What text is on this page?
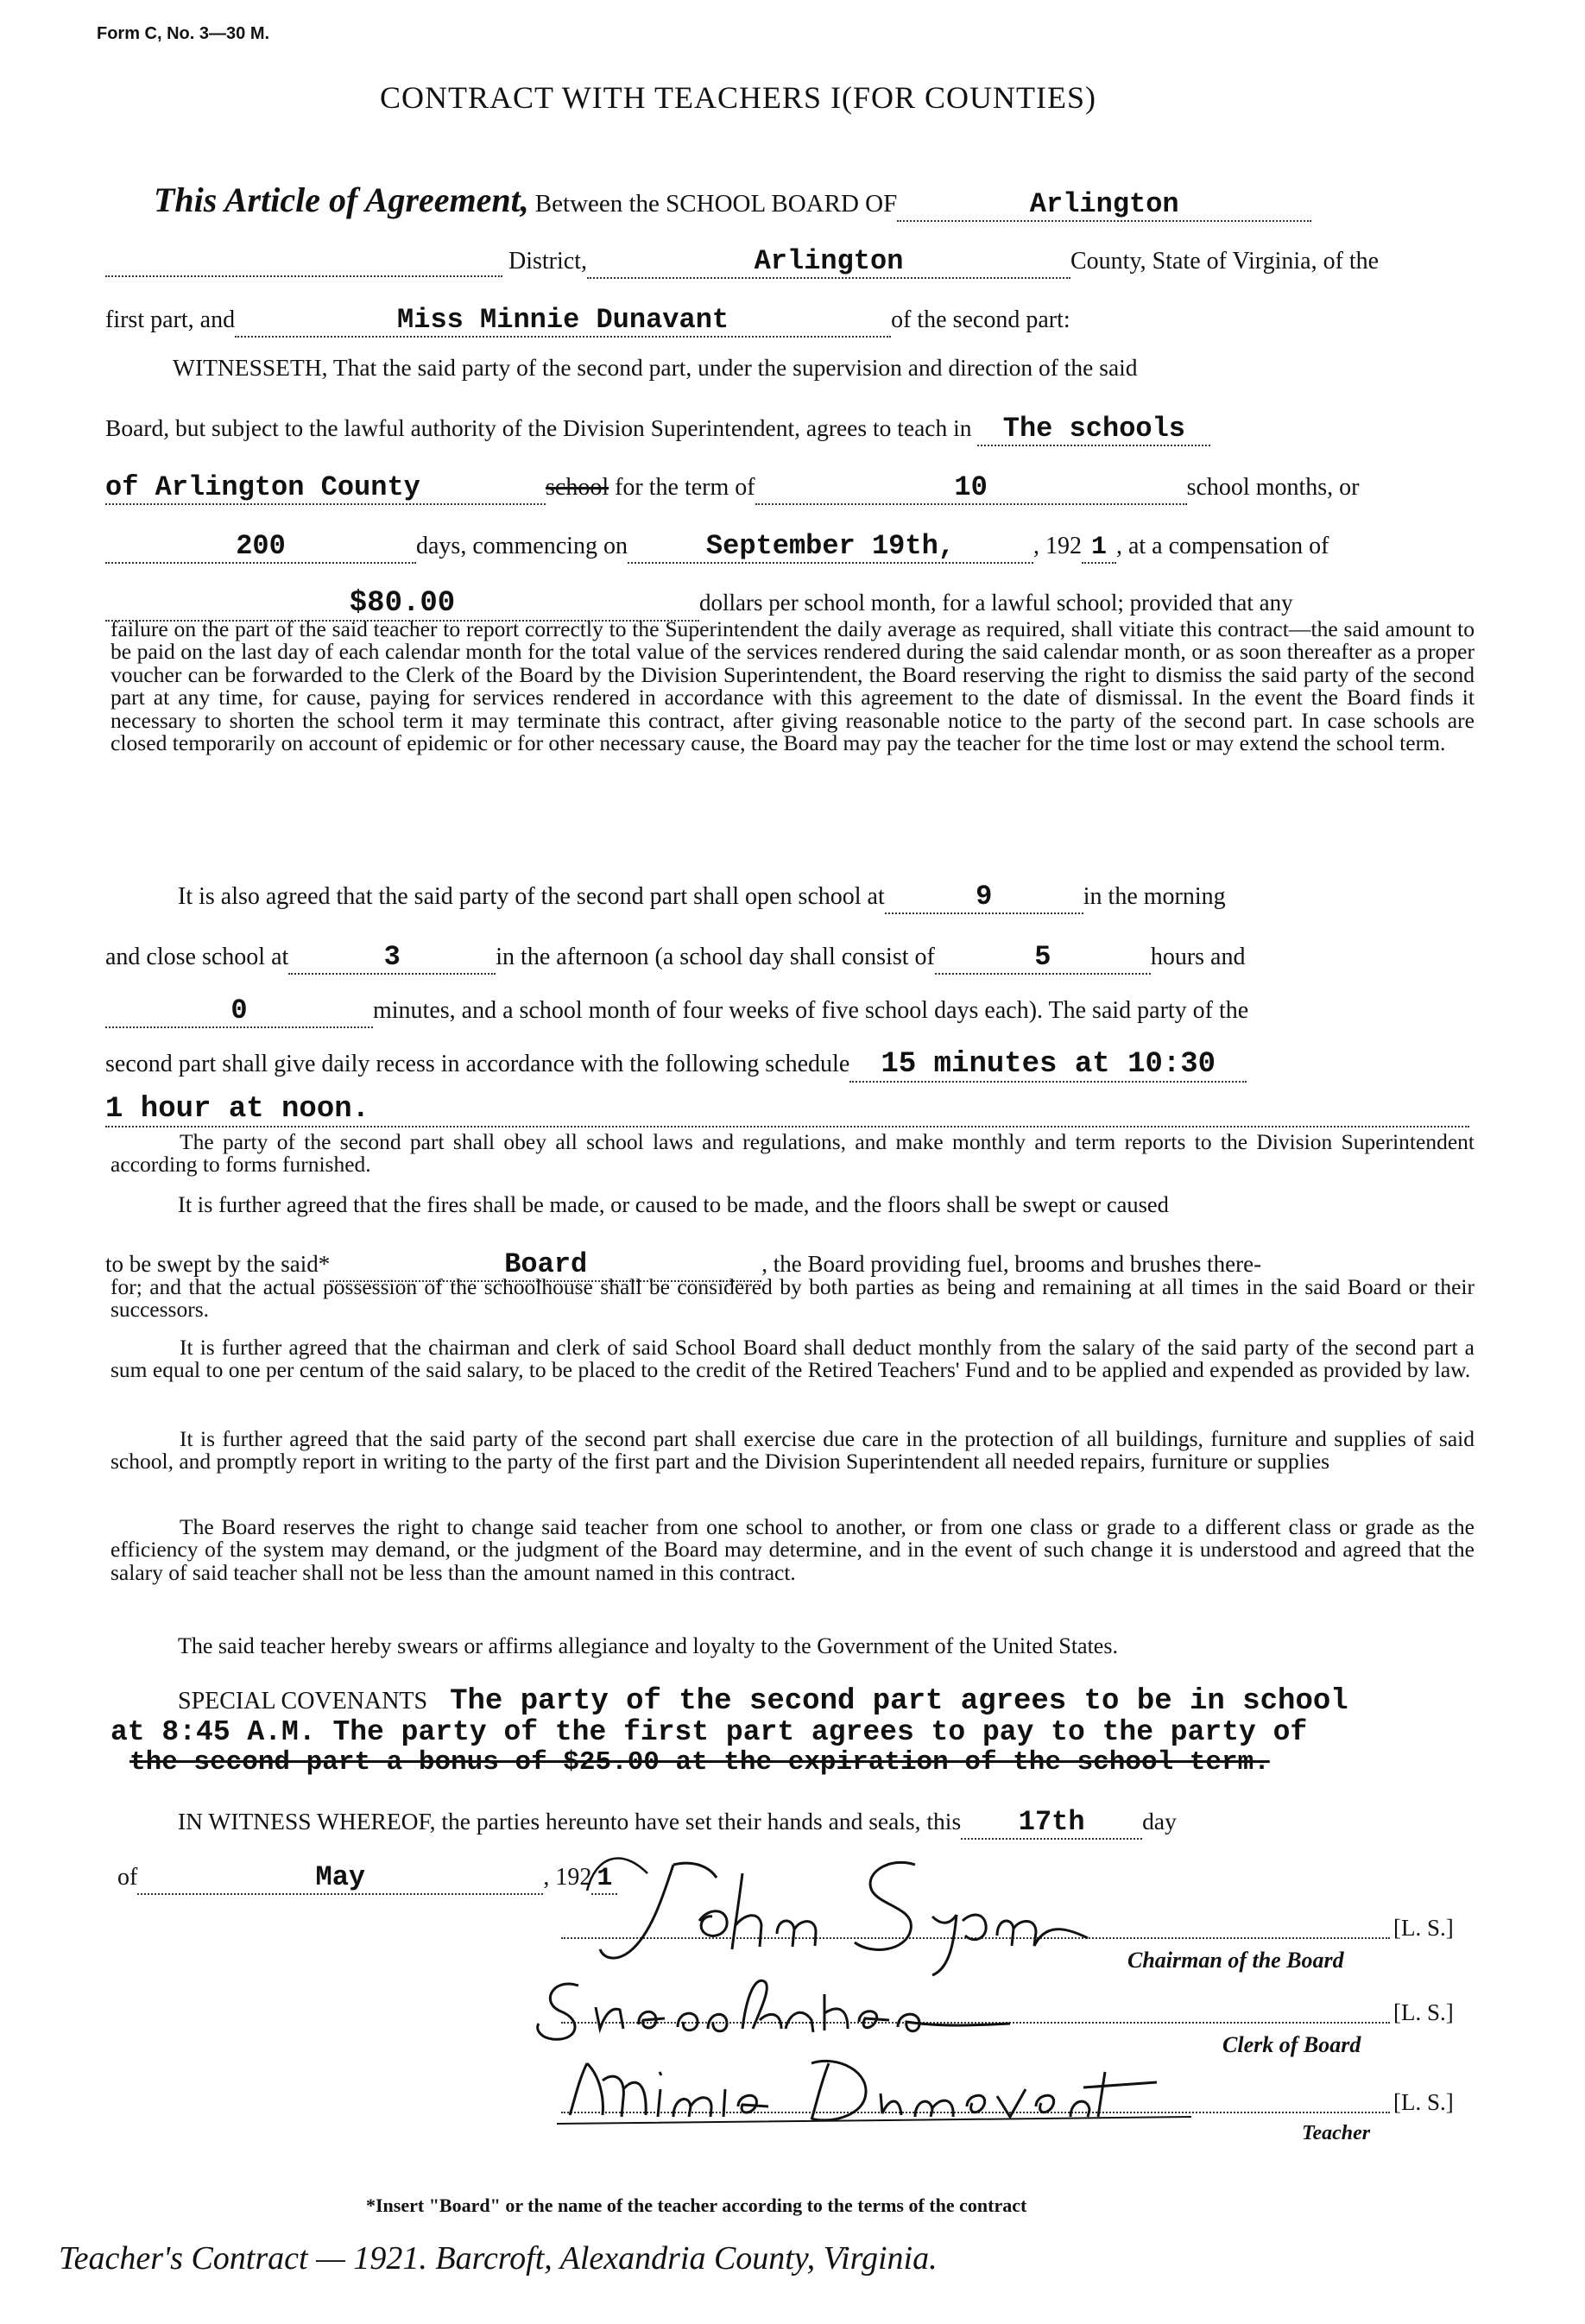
Form C, No. 3—30 M.
CONTRACT WITH TEACHERS I(FOR COUNTIES)
This Article of Agreement, Between the SCHOOL BOARD OF	Arlington
District,	Arlington	County, State of Virginia, of the
first part, and	Miss Minnie Dunavant	of the second part:
WITNESSETH, That the said party of the second part, under the supervision and direction of the said
Board, but subject to the lawful authority of the Division Superintendent, agrees to teach in The schools
of Arlington County	school for the term of	10	school months, or
200	days, commencing on	September 19th,	, 192 1 , at a compensation of
$80.00	dollars per school month, for a lawful school; provided that any
failure on the part of the said teacher to report correctly to the Superintendent the daily average as required, shall vitiate this contract—the said amount to be paid on the last day of each calendar month for the total value of the services rendered during the said calendar month, or as soon thereafter as a proper voucher can be forwarded to the Clerk of the Board by the Division Superintendent, the Board reserving the right to dismiss the said party of the second part at any time, for cause, paying for services rendered in accordance with this agreement to the date of dismissal. In the event the Board finds it necessary to shorten the school term it may terminate this contract, after giving reasonable notice to the party of the second part. In case schools are closed temporarily on account of epidemic or for other necessary cause, the Board may pay the teacher for the time lost or may extend the school term.
It is also agreed that the said party of the second part shall open school at	9	in the morning
and close school at	3	in the afternoon (a school day shall consist of	5	hours and
0	minutes, and a school month of four weeks of five school days each). The said party of the
second part shall give daily recess in accordance with the following schedule 15 minutes at 10:30
1 hour at noon.
The party of the second part shall obey all school laws and regulations, and make monthly and term reports to the Division Superintendent according to forms furnished.
It is further agreed that the fires shall be made, or caused to be made, and the floors shall be swept or caused
to be swept by the said*	Board	, the Board providing fuel, brooms and brushes there-
for; and that the actual possession of the schoolhouse shall be considered by both parties as being and remaining at all times in the said Board or their successors.
It is further agreed that the chairman and clerk of said School Board shall deduct monthly from the salary of the said party of the second part a sum equal to one per centum of the said salary, to be placed to the credit of the Retired Teachers' Fund and to be applied and expended as provided by law.
It is further agreed that the said party of the second part shall exercise due care in the protection of all buildings, furniture and supplies of said school, and promptly report in writing to the party of the first part and the Division Superintendent all needed repairs, furniture or supplies
The Board reserves the right to change said teacher from one school to another, or from one class or grade to a different class or grade as the efficiency of the system may demand, or the judgment of the Board may determine, and in the event of such change it is understood and agreed that the salary of said teacher shall not be less than the amount named in this contract.
The said teacher hereby swears or affirms allegiance and loyalty to the Government of the United States.
SPECIAL COVENANTS The party of the second part agrees to be in school
at 8:45 A.M. The party of the first part agrees to pay to the party of
the second part a bonus of $25.00 at the expiration of the school term.
IN WITNESS WHEREOF, the parties hereunto have set their hands and seals, this 17th day
of	May	, 192 1
[L. S.]
Chairman of the Board
[L. S.]
Clerk of Board
[L. S.]
Teacher
*Insert "Board" or the name of the teacher according to the terms of the contract
Teacher's Contract — 1921. Barcroft, Alexandria County, Virginia.
